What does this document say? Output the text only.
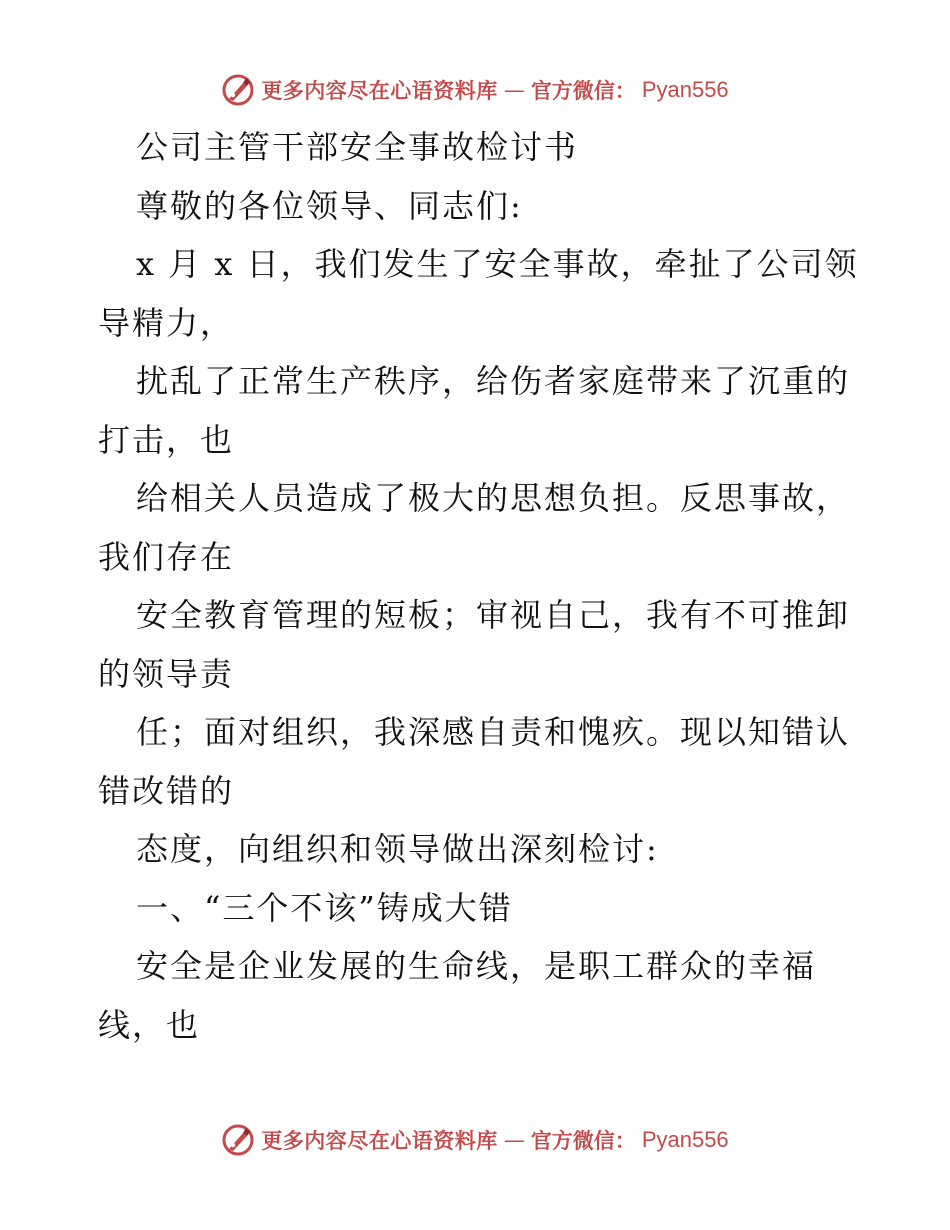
更多内容尽在心语资料库 — 官方微信： Pyan556
公司主管干部安全事故检讨书
尊敬的各位领导、同志们:
x 月 x 日，我们发生了安全事故，牵扯了公司领
导精力，
扰乱了正常生产秩序，给伤者家庭带来了沉重的
打击，也
给相关人员造成了极大的思想负担。反思事故，
我们存在
安全教育管理的短板；审视自己，我有不可推卸
的领导责
任；面对组织，我深感自责和愧疚。现以知错认
错改错的
态度，向组织和领导做出深刻检讨:
一、“三个不该”铸成大错
安全是企业发展的生命线，是职工群众的幸福
线，也
更多内容尽在心语资料库 — 官方微信： Pyan556
